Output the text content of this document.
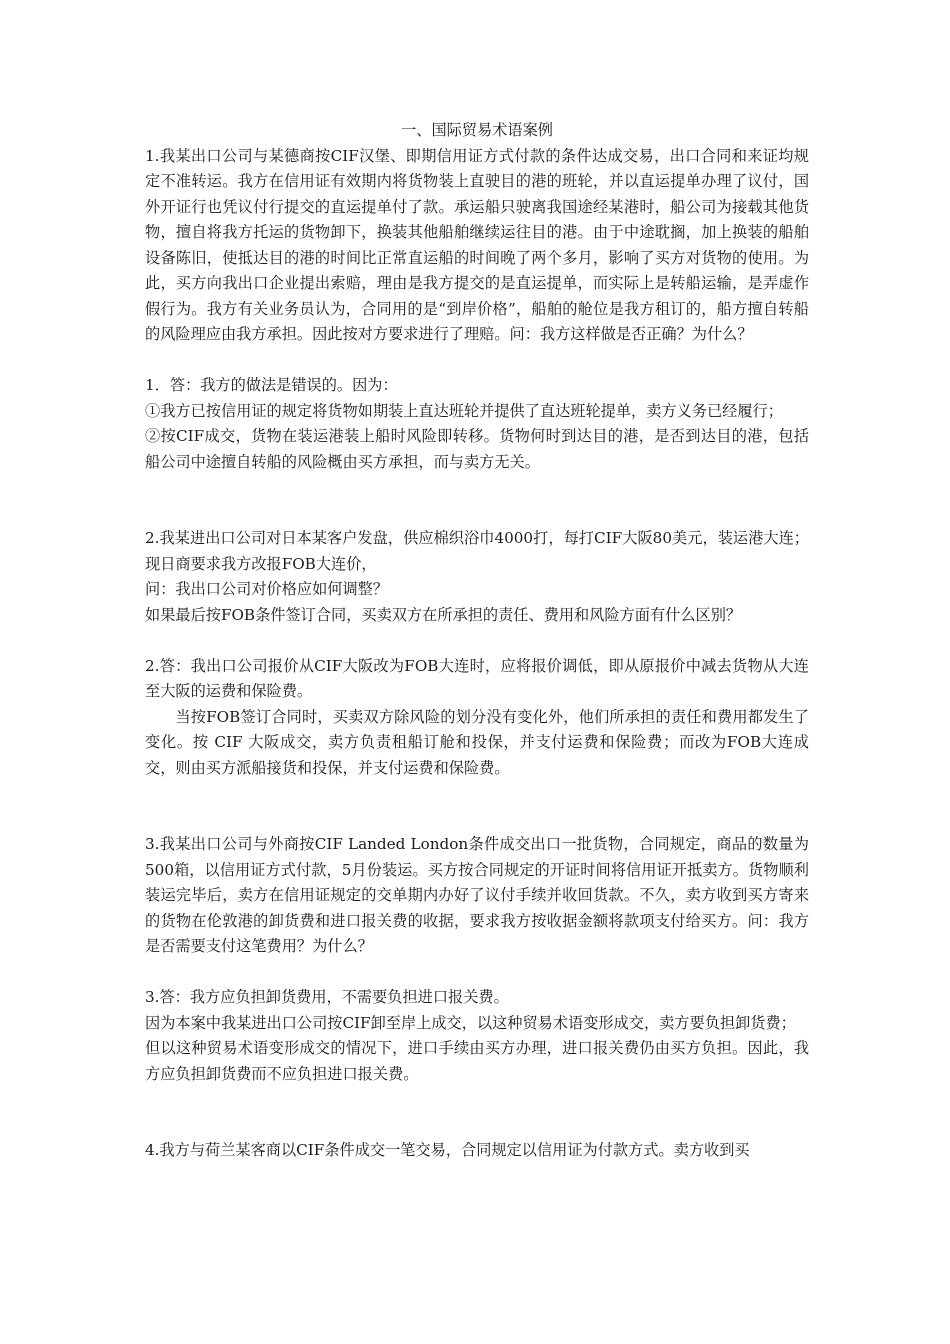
一、国际贸易术语案例

1.我某出口公司与某德商按CIF汉堡、即期信用证方式付款的条件达成交易，出口合同和来证均规定不准转运。我方在信用证有效期内将货物装上直驶目的港的班轮，并以直运提单办理了议付，国外开证行也凭议付行提交的直运提单付了款。承运船只驶离我国途经某港时，船公司为接载其他货物，擅自将我方托运的货物卸下，换装其他船舶继续运往目的港。由于中途耽搁，加上换装的船舶设备陈旧，使抵达目的港的时间比正常直运船的时间晚了两个多月，影响了买方对货物的使用。为此，买方向我出口企业提出索赔，理由是我方提交的是直运提单，而实际上是转船运输，是弄虚作假行为。我方有关业务员认为，合同用的是“到岸价格”，船舶的舱位是我方租订的，船方擅自转船的风险理应由我方承担。因此按对方要求进行了理赔。问：我方这样做是否正确？为什么？

1．答：我方的做法是错误的。因为：

①我方已按信用证的规定将货物如期装上直达班轮并提供了直达班轮提单，卖方义务已经履行；

②按CIF成交，货物在装运港装上船时风险即转移。货物何时到达目的港，是否到达目的港，包括船公司中途擅自转船的风险概由买方承担，而与卖方无关。

2.我某进出口公司对日本某客户发盘，供应棉织浴巾4000打，每打CIF大阪80美元，装运港大连；现日商要求我方改报FOB大连价，

问：我出口公司对价格应如何调整？

如果最后按FOB条件签订合同，买卖双方在所承担的责任、费用和风险方面有什么区别？

2.答：我出口公司报价从CIF大阪改为FOB大连时，应将报价调低，即从原报价中减去货物从大连至大阪的运费和保险费。

当按FOB签订合同时，买卖双方除风险的划分没有变化外，他们所承担的责任和费用都发生了变化。按 CIF 大阪成交，卖方负责租船订舱和投保，并支付运费和保险费；而改为FOB大连成交，则由买方派船接货和投保，并支付运费和保险费。

3.我某出口公司与外商按CIF Landed London条件成交出口一批货物，合同规定，商品的数量为500箱，以信用证方式付款，5月份装运。买方按合同规定的开证时间将信用证开抵卖方。货物顺利装运完毕后，卖方在信用证规定的交单期内办好了议付手续并收回货款。不久，卖方收到买方寄来的货物在伦敦港的卸货费和进口报关费的收据，要求我方按收据金额将款项支付给买方。问：我方是否需要支付这笔费用？为什么？

3.答：我方应负担卸货费用，不需要负担进口报关费。

因为本案中我某进出口公司按CIF卸至岸上成交，以这种贸易术语变形成交，卖方要负担卸货费；

但以这种贸易术语变形成交的情况下，进口手续由买方办理，进口报关费仍由买方负担。因此，我方应负担卸货费而不应负担进口报关费。

4.我方与荷兰某客商以CIF条件成交一笔交易，合同规定以信用证为付款方式。卖方收到买
